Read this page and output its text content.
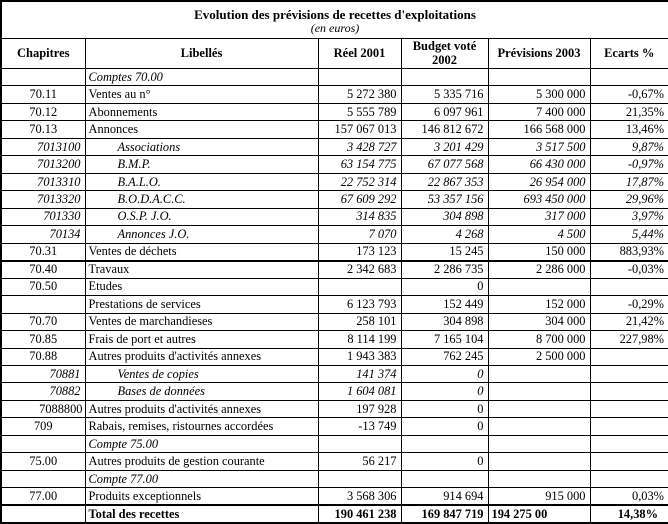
Evolution des prévisions de recettes d'exploitations
(en euros)					

Chapitres	Libellés	Réel 2001	Budget voté 2002	Prévisions 2003	Ecarts %
	Comptes 70.00				
70.11	Ventes au n°	5 272 380	5 335 716	5 300 000	-0,67%
70.12	Abonnements	5 555 789	6 097 961	7 400 000	21,35%
70.13	Annonces	157 067 013	146 812 672	166 568 000	13,46%
7013100	Associations	3 428 727	3 201 429	3 517 500	9,87%
7013200	B.M.P.	63 154 775	67 077 568	66 430 000	-0,97%
7013310	B.A.L.O.	22 752 314	22 867 353	26 954 000	17,87%
7013320	B.O.D.A.C.C.	67 609 292	53 357 156	693 450 000	29,96%
701330	O.S.P. J.O.	314 835	304 898	317 000	3,97%
70134	Annonces J.O.	7 070	4 268	4 500	5,44%
70.31	Ventes de déchets	173 123	15 245	150 000	883,93%
70.40	Travaux	2 342 683	2 286 735	2 286 000	-0,03%
70.50	Etudes		0		
	Prestations de services	6 123 793	152 449	152 000	-0,29%
70.70	Ventes de marchandieses	258 101	304 898	304 000	21,42%
70.85	Frais de port et autres	8 114 199	7 165 104	8 700 000	227,98%
70.88	Autres produits d'activités annexes	1 943 383	762 245	2 500 000	
70881	Ventes de copies	141 374	0		
70882	Bases de données	1 604 081	0		
7088800	Autres produits d'activités annexes	197 928	0		
709	Rabais, remises, ristournes accordées	-13 749	0		
	Compte 75.00				
75.00	Autres produits de gestion courante	56 217	0		
	Compte 77.00				
77.00	Produits exceptionnels	3 568 306	914 694	915 000	0,03%
	Total des recettes	190 461 238	169 847 719	194 275 00	14,38%
